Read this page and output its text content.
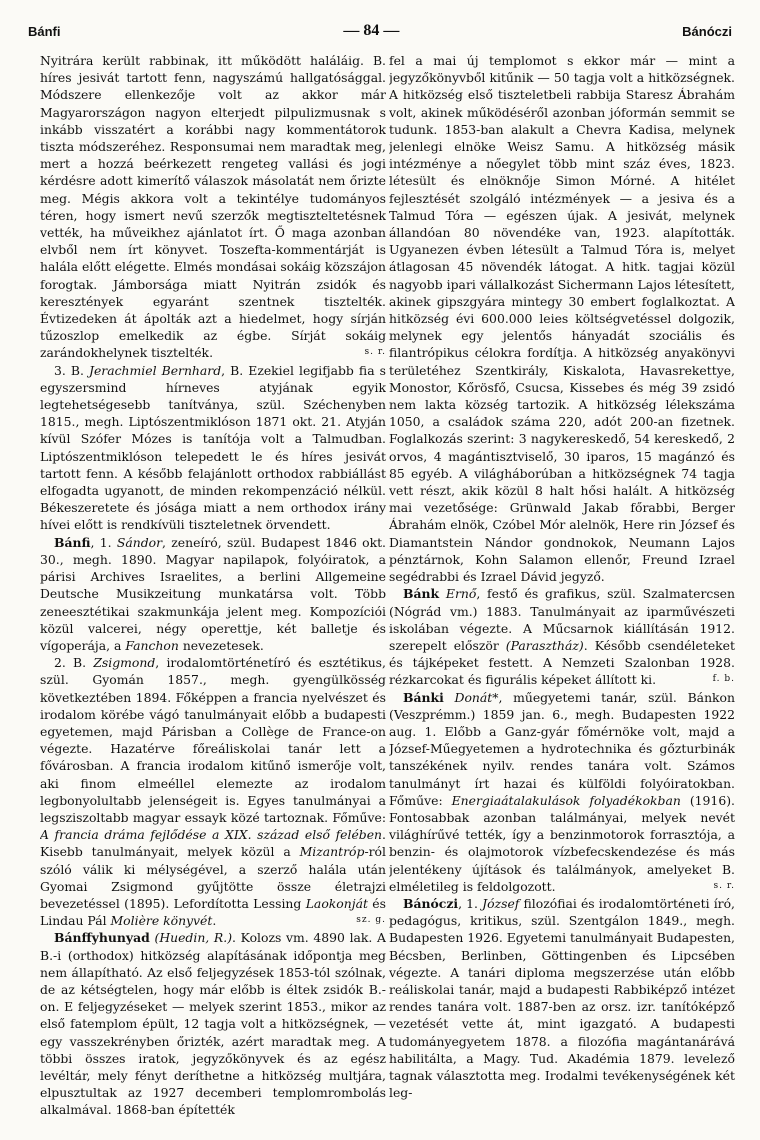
Bánfi	— 84 —	Bánóczi

Nyitrára került rabbinak, itt működött haláláig. B. híres jesivát tartott fenn, nagyszámú hallgatósággal. Módszere ellenkezője volt az akkor már Magyarországon nagyon elterjedt pilpulizmusnak s inkább visszatért a korábbi nagy kommentátorok tiszta módszeréhez. Responsumai nem maradtak meg, mert a hozzá beérkezett rengeteg vallási és jogi kérdésre adott kimerítő válaszok másolatát nem őrizte meg. Mégis akkora volt a tekintélye tudományos téren, hogy ismert nevű szerzők megtiszteltetésnek vették, ha műveikhez ajánlatot írt. Ő maga azonban elvből nem írt könyvet. Toszefta-kommentárját is halála előtt elégette. Elmés mondásai sokáig közszájon forogtak. Jámborsága miatt Nyitrán zsidók és keresztények egyaránt szentnek tisztelték. Évtizedeken át ápolták azt a hiedelmet, hogy sírján tűzoszlop emelkedik az égbe. Sírját sokáig zarándokhelynek tisztelték.	s. r.

3. B. Jerachmiel Bernhard, B. Ezekiel legifjabb fia s egyszersmind hírneves atyjának egyik legtehetségesebb tanítványa, szül. Széchenyben 1815., megh. Liptószentmiklóson 1871 okt. 21. Atyján kívül Szófer Mózes is tanítója volt a Talmudban. Liptószentmiklóson telepedett le és híres jesivát tartott fenn. A később felajánlott orthodox rabbiállást elfogadta ugyanott, de minden rekompenzáció nélkül. Békeszeretete és jósága miatt a nem orthodox irány hívei előtt is rendkívüli tiszteletnek örvendett.

Bánfi, 1. Sándor, zeneíró, szül. Budapest 1846 okt. 30., megh. 1890. Magyar napilapok, folyóiratok, a párisi Archives Israelites, a berlini Allgemeine Deutsche Musikzeitung munkatársa volt. Több zeneesztétikai szakmunkája jelent meg. Kompozíciói közül valcerei, négy operettje, két balletje és vígoperája, a Fanchon nevezetesek.

2. B. Zsigmond, irodalomtörténetíró és esztétikus, szül. Gyomán 1857., megh. gyengülkösség következtében 1894. Főképpen a francia nyelvészet és irodalom körébe vágó tanulmányait előbb a budapesti egyetemen, majd Párisban a Collège de France-on végezte. Hazatérve főreáliskolai tanár lett a fővárosban. A francia irodalom kitűnő ismerője volt, aki finom elmeéllel elemezte az irodalom legbonyolultabb jelenségeit is. Egyes tanulmányai a legsziszoltabb magyar essayk közé tartoznak. Főműve: A francia dráma fejlődése a XIX. század első felében. Kisebb tanulmányait, melyek közül a Mizantróp-ról szóló válik ki mélységével, a szerző halála után Gyomai Zsigmond gyűjtötte össze életrajzi bevezetéssel (1895). Lefordította Lessing Laokonját és Lindau Pál Molière könyvét.	sz. g.

Bánffyhunyad (Huedin, R.). Kolozs vm. 4890 lak. A B.-i (orthodox) hitközség alapításának időpontja meg nem állapítható. Az első feljegyzések 1853-tól szólnak, de az kétségtelen, hogy már előbb is éltek zsidók B.-on. E feljegyzéseket — melyek szerint 1853., mikor az első fatemplom épült, 12 tagja volt a hitközségnek, — egy vasszekrényben őrizték, azért maradtak meg. A többi összes iratok, jegyzőkönyvek és az egész levéltár, mely fényt deríthetne a hitközség multjára, elpusztultak az 1927 decemberi templomrombolás alkalmával. 1868-ban építették

fel a mai új templomot s ekkor már — mint a jegyzőkönyvből kitűnik — 50 tagja volt a hitközségnek. A hitközség első tiszteletbeli rabbija Staresz Ábrahám volt, akinek működéséről azonban jóformán semmit se tudunk. 1853-ban alakult a Chevra Kadisa, melynek jelenlegi elnöke Weisz Samu. A hitközség másik intézménye a nőegylet több mint száz éves, 1823. létesült és elnöknője Simon Mórné. A hitélet fejlesztését szolgáló intézmények — a jesiva és a Talmud Tóra — egészen újak. A jesivát, melynek állandóan 80 növendéke van, 1923. alapították. Ugyanezen évben létesült a Talmud Tóra is, melyet átlagosan 45 növendék látogat. A hitk. tagjai közül nagyobb ipari vállalkozást Sichermann Lajos létesített, akinek gipszgyára mintegy 30 embert foglalkoztat. A hitközség évi 600.000 leies költségvetéssel dolgozik, melynek egy jelentős hányadát szociális és filantrópikus célokra fordítja. A hitközség anyakönyvi területéhez Szentkirály, Kiskalota, Havasrekettye, Monostor, Kőrösfő, Csucsa, Kissebes és még 39 zsidó nem lakta község tartozik. A hitközség lélekszáma 1050, a családok száma 220, adót 200-an fizetnek. Foglalkozás szerint: 3 nagykereskedő, 54 kereskedő, 2 orvos, 4 magántisztviselő, 30 iparos, 15 magánzó és 85 egyéb. A világháborúban a hitközségnek 74 tagja vett részt, akik közül 8 halt hősi halált. A hitközség mai vezetősége: Grünwald Jakab főrabbi, Berger Ábrahám elnök, Czóbel Mór alelnök, Here rin József és Diamantstein Nándor gondnokok, Neumann Lajos pénztárnok, Kohn Salamon ellenőr, Freund Izrael segédrabbi és Izrael Dávid jegyző.

Bánk Ernő, festő és grafikus, szül. Szalmatercsen (Nógrád vm.) 1883. Tanulmányait az iparművészeti iskolában végezte. A Műcsarnok kiállításán 1912. szerepelt először (Parasztház). Később csendéleteket és tájképeket festett. A Nemzeti Szalonban 1928. rézkarcokat és figurális képeket állított ki.	f. b.

Bánki Donát*, műegyetemi tanár, szül. Bánkon (Veszprémm.) 1859 jan. 6., megh. Budapesten 1922 aug. 1. Előbb a Ganz-gyár főmérnöke volt, majd a József-Műegyetemen a hydrotechnika és gőzturbinák tanszékének nyilv. rendes tanára volt. Számos tanulmányt írt hazai és külföldi folyóiratokban. Főműve: Energiaátalakulások folyadékokban (1916). Fontosabbak azonban találmányai, melyek nevét világhírűvé tették, így a benzinmotorok forrasztója, a benzin- és olajmotorok vízbefecskendezése és más jelentékeny újítások és találmányok, amelyeket B. elméletileg is feldolgozott.	s. r.

Bánóczi, 1. József filozófiai és irodalomtörténeti író, pedagógus, kritikus, szül. Szentgálon 1849., megh. Budapesten 1926. Egyetemi tanulmányait Budapesten, Bécsben, Berlinben, Göttingenben és Lipcsében végezte. A tanári diploma megszerzése után előbb reáliskolai tanár, majd a budapesti Rabbiképző intézet rendes tanára volt. 1887-ben az orsz. izr. tanítóképző vezetését vette át, mint igazgató. A budapesti tudományegyetem 1878. a filozófia magántanárává habilitálta, a Magy. Tud. Akadémia 1879. levelező tagnak választotta meg. Irodalmi tevékenységének két leg-
